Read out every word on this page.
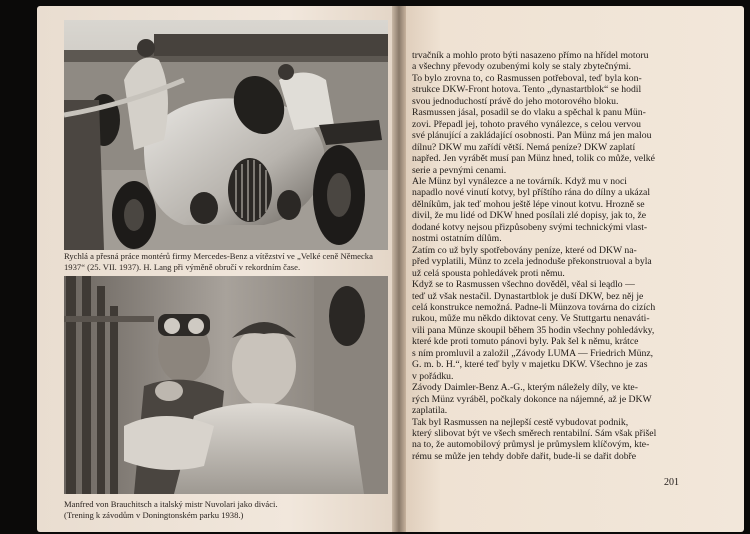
Rychlá a přesná práce montérů firmy Mercedes-Benz a vítězství ve „Velké ceně Německa
1937“ (25. VII. 1937). H. Lang při výměně obručí v rekordním čase.
Manfred von Brauchitsch a italský mistr Nuvolari jako diváci.
(Trening k závodům v Doningtonském parku 1938.)
trvačník a mohlo proto býti nasazeno přímo na hřídel motoru
a všechny převody ozubenými koly se staly zbytečnými.
To bylo zrovna to, co Rasmussen potřeboval, teď byla kon-
strukce DKW-Front hotova. Tento „dynastartblok“ se hodil
svou jednoduchostí právě do jeho motorového bloku.
Rasmussen jásal, posadil se do vlaku a spěchal k panu Mün-
zovi. Přepadl jej, tohoto pravého vynálezce, s celou vervou
své plánující a zakládající osobnosti. Pan Münz má jen malou
dílnu? DKW mu zařídí větší. Nemá peníze? DKW zaplatí
napřed. Jen vyrábět musí pan Münz hned, tolik co může, velké
serie a pevnými cenami.
Ale Münz byl vynálezce a ne továrník. Když mu v noci
napadlo nové vinutí kotvy, byl příštího rána do dílny a ukázal
dělníkům, jak teď mohou ještě lépe vinout kotvu. Hrozně se
divil, že mu lidé od DKW hned posílali zlé dopisy, jak to, že
dodané kotvy nejsou přizpůsobeny svými technickými vlast-
nostmi ostatním dílům.
Zatím co už byly spotřebovány peníze, které od DKW na-
před vyplatili, Münz to zcela jednoduše překonstruoval a byla
už celá spousta pohledávek proti němu.
Když se to Rasmussen všechno dověděl, věal si leądlo —
teď už však nestačil. Dynastartblok je duší DKW, bez něj je
celá konstrukce nemožná. Padne-li Münzova továrna do cizích
rukou, může mu někdo diktovat ceny. Ve Stuttgartu nenaváti-
vili pana Münze skoupil během 35 hodin všechny pohledávky,
které kde proti tomuto pánovi byly. Pak šel k němu, krátce
s ním promluvil a založil „Závody LUMA — Friedrich Münz,
G. m. b. H.“, které teď byly v majetku DKW. Všechno je zas
v pořádku.
Závody Daimler-Benz A.-G., kterým náležely díly, ve kte-
rých Münz vyráběl, počkaly dokonce na nájemné, až je DKW
zaplatila.
Tak byl Rasmussen na nejlepší cestě vybudovat podnik,
který slibovat být ve všech směrech rentabilní. Sám však přišel
na to, že automobilový průmysl je průmyslem klíčovým, kte-
rému se může jen tehdy dobře dařit, bude-li se dařit dobře
201
